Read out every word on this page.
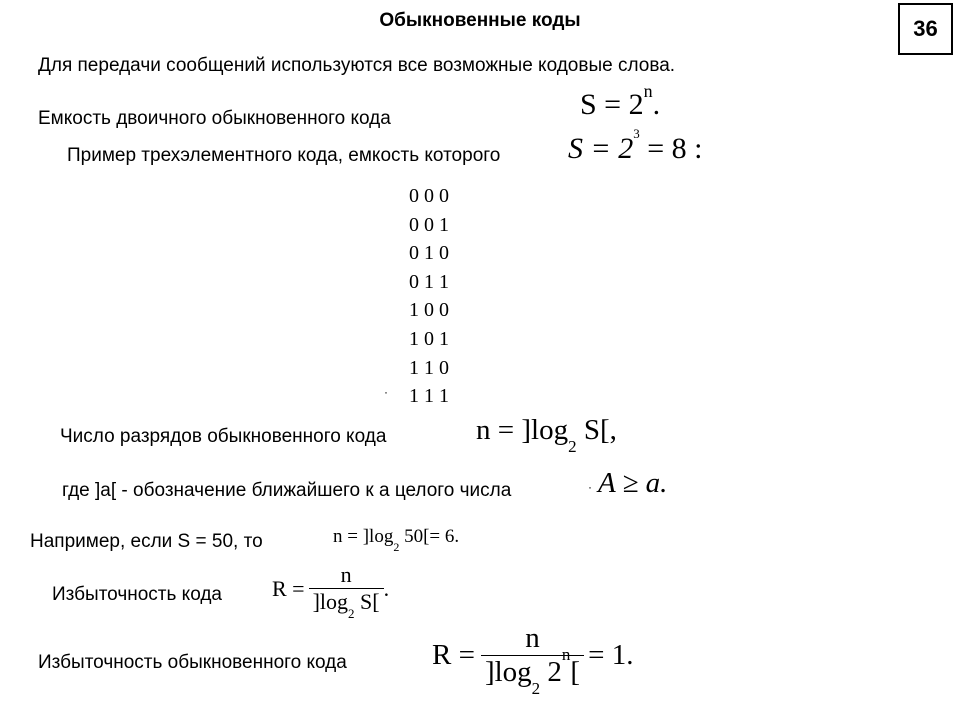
Обыкновенные коды	36
Для передачи сообщений используются все возможные кодовые слова.
Емкость двоичного обыкновенного кода	$S = 2^n$.
Пример трехэлементного кода, емкость которого $S = 2^3 = 8$ :
0 0 0
0 0 1
0 1 0
0 1 1
1 0 0
1 0 1
1 1 0
1 1 1
·
Число разрядов обыкновенного кода	$n = ]\log_2$ S[,
где ]a[ - обозначение ближайшего к а целого числа	· A ≥ a.
Например, если S = 50, то	$n = ]\log_2$ 50[= 6.
Избыточность кода $R = \frac{n}{]\log_2 S[}$ .
Избыточность обыкновенного кода	$R = \frac{n}{]\log_2 2^n[} = 1$.
